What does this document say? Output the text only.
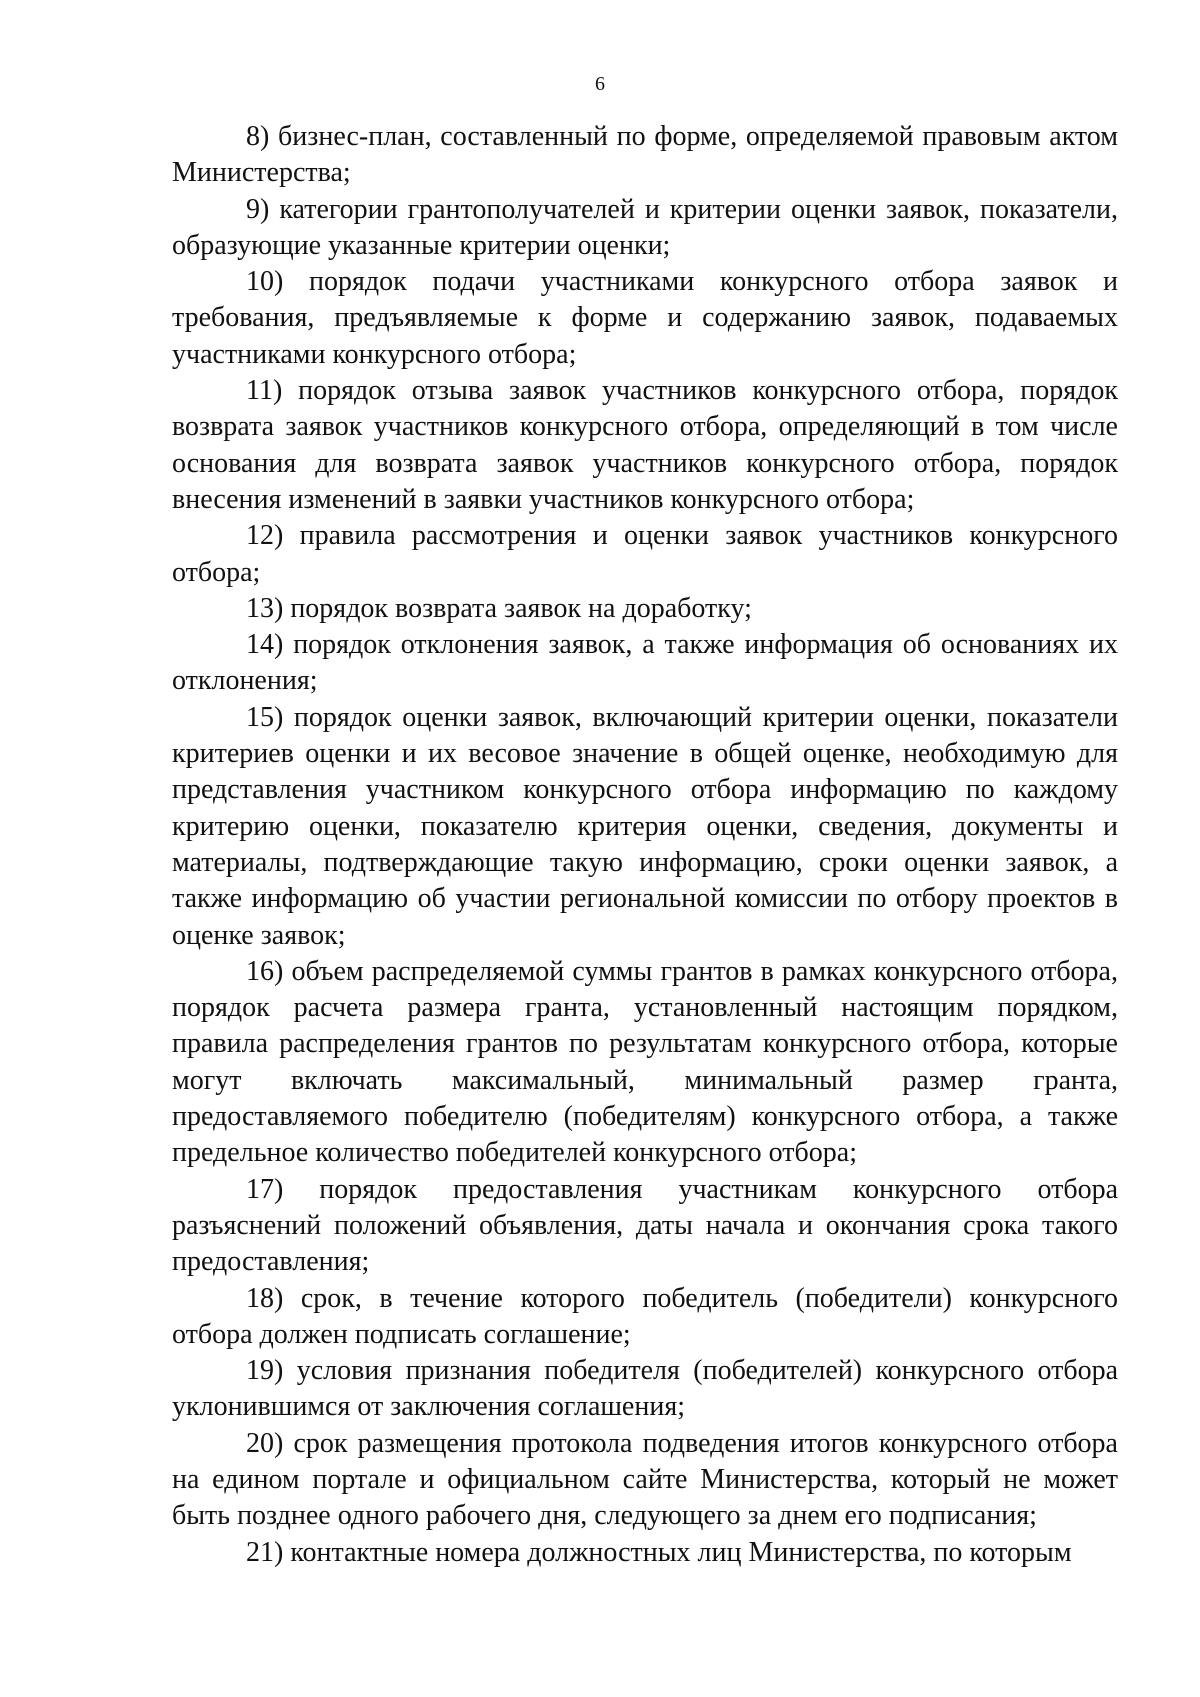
6

8) бизнес-план, составленный по форме, определяемой правовым актом Министерства;

9) категории грантополучателей и критерии оценки заявок, показатели, образующие указанные критерии оценки;

10) порядок подачи участниками конкурсного отбора заявок и требования, предъявляемые к форме и содержанию заявок, подаваемых участниками конкурсного отбора;

11) порядок отзыва заявок участников конкурсного отбора, порядок возврата заявок участников конкурсного отбора, определяющий в том числе основания для возврата заявок участников конкурсного отбора, порядок внесения изменений в заявки участников конкурсного отбора;

12) правила рассмотрения и оценки заявок участников конкурсного отбора;

13) порядок возврата заявок на доработку;

14) порядок отклонения заявок, а также информация об основаниях их отклонения;

15) порядок оценки заявок, включающий критерии оценки, показатели критериев оценки и их весовое значение в общей оценке, необходимую для представления участником конкурсного отбора информацию по каждому критерию оценки, показателю критерия оценки, сведения, документы и материалы, подтверждающие такую информацию, сроки оценки заявок, а также информацию об участии региональной комиссии по отбору проектов в оценке заявок;

16) объем распределяемой суммы грантов в рамках конкурсного отбора, порядок расчета размера гранта, установленный настоящим порядком, правила распределения грантов по результатам конкурсного отбора, которые могут включать максимальный, минимальный размер гранта, предоставляемого победителю (победителям) конкурсного отбора, а также предельное количество победителей конкурсного отбора;

17) порядок предоставления участникам конкурсного отбора разъяснений положений объявления, даты начала и окончания срока такого предоставления;

18) срок, в течение которого победитель (победители) конкурсного отбора должен подписать соглашение;

19) условия признания победителя (победителей) конкурсного отбора уклонившимся от заключения соглашения;

20) срок размещения протокола подведения итогов конкурсного отбора на едином портале и официальном сайте Министерства, который не может быть позднее одного рабочего дня, следующего за днем его подписания;

21) контактные номера должностных лиц Министерства, по которым
